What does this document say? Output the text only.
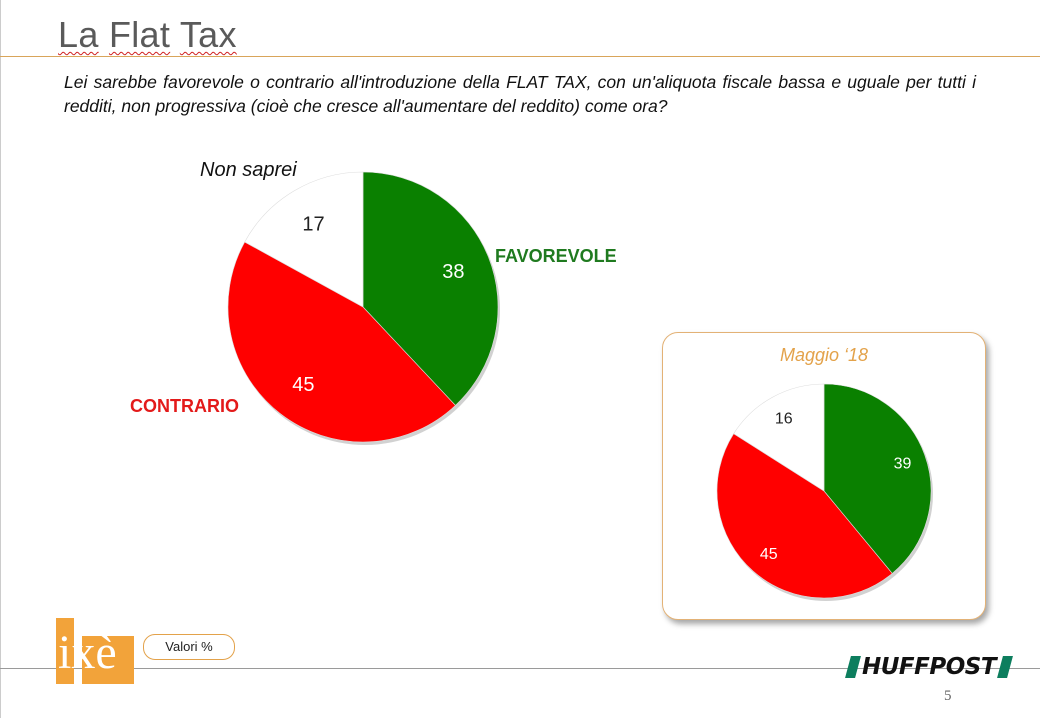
La Flat Tax
Lei sarebbe favorevole o contrario all'introduzione della FLAT TAX, con un'aliquota fiscale bassa e uguale per tutti i redditi, non progressiva (cioè che cresce all'aumentare del reddito) come ora?
38
45
17
FAVOREVOLE
CONTRARIO
Non saprei
Maggio ‘18
39
45
16
ixè	Valori %
HUFFPOST
5
